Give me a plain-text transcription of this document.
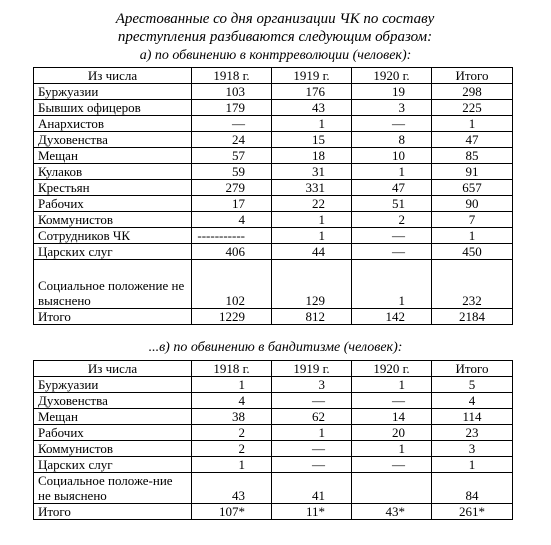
Арестованные со дня организации ЧК по составу
преступления разбиваются следующим образом:
а) по обвинению в контрреволюции (человек):
Из числа	1918 г.	1919 г.	1920 г.	Итого
Буржуазии	103	176	19	298
Бывших офицеров	179	43	3	225
Анархистов	—	1	—	1
Духовенства	24	15	8	47
Мещан	57	18	10	85
Кулаков	59	31	1	91
Крестьян	279	331	47	657
Рабочих	17	22	51	90
Коммунистов	4	1	2	7
Сотрудников ЧК	-----------	1	—	1
Царских слуг	406	44	—	450
Социальное положение не выяснено	102	129	1	232
Итого	1229	812	142	2184
...в) по обвинению в бандитизме (человек):
Из числа	1918 г.	1919 г.	1920 г.	Итого
Буржуазии	1	3	1	5
Духовенства	4	—	—	4
Мещан	38	62	14	114
Рабочих	2	1	20	23
Коммунистов	2	—	1	3
Царских слуг	1	—	—	1
Социальное положе-ние не выяснено	43	41		84
Итого	107*	11*	43*	261*
